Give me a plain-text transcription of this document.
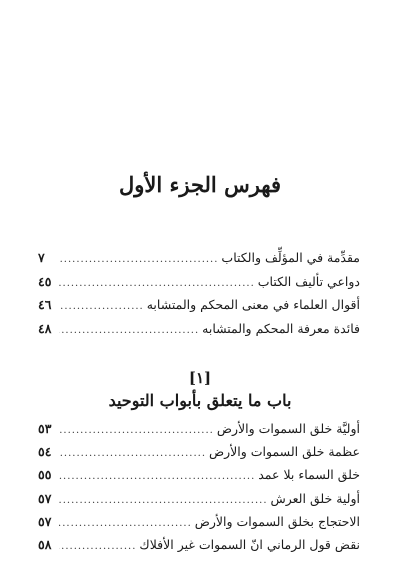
فهرس الجزء الأول
مقدِّمة في المؤلِّف والكتاب
.....
٧
دواعي تأليف الكتاب
.....
٤٥
أقوال العلماء في معنى المحكم والمتشابه
.....
٤٦
فائدة معرفة المحكم والمتشابه
.....
٤٨
[١]
باب ما يتعلق بأبواب التوحيد
أوليَّة خلق السموات والأرض
.....
٥٣
عظمة خلق السموات والأرض
.....
٥٤
خلق السماء بلا عمد
.....
٥٥
أولية خلق العرش
.....
٥٧
الاحتجاج بخلق السموات والأرض
.....
٥٧
نقض قول الرماني انّ السموات غير الأفلاك
.....
٥٨
